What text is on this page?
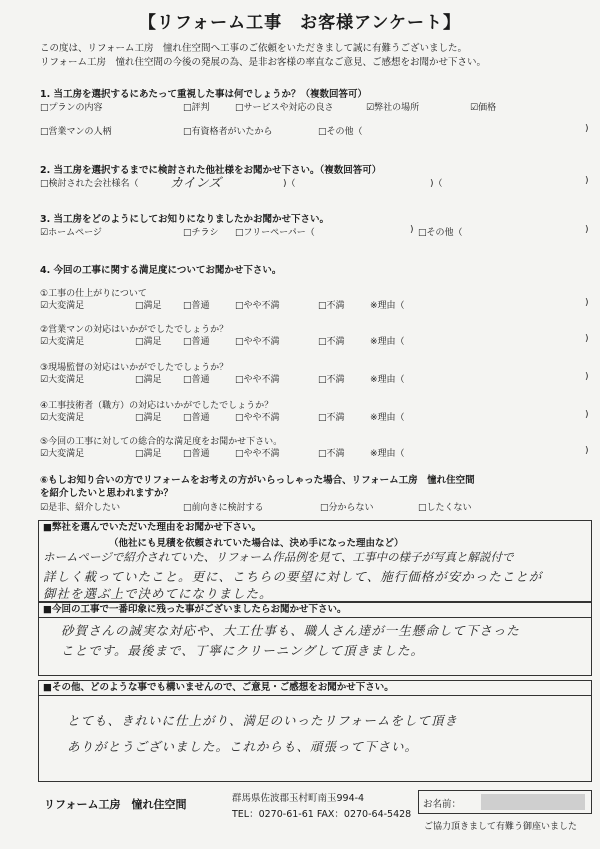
【リフォーム工事　お客様アンケート】
この度は、リフォーム工房　憧れ住空間へ工事のご依頼をいただきまして誠に有難うございました。
リフォーム工房　憧れ住空間の今後の発展の為、是非お客様の率直なご意見、ご感想をお聞かせ下さい。
1. 当工房を選択するにあたって重視した事は何でしょうか？（複数回答可）
□プランの内容	□評判	□サービスや対応の良さ	☑弊社の場所	☑価格
□営業マンの人柄	□有資格者がいたから	□その他（	)
2. 当工房を選択するまでに検討された他社様をお聞かせ下さい。（複数回答可）
□検討された会社様名（ カインズ	)（	)（	)
3. 当工房をどのようにしてお知りになりましたかお聞かせ下さい。
☑ホームページ	□チラシ □フリーペーパー（	) □その他（	)
4. 今回の工事に関する満足度についてお聞かせ下さい。
①工事の仕上がりについて
☑大変満足	□満足 □普通	□やや不満	□不満	※理由（	)
②営業マンの対応はいかがでしたでしょうか？
☑大変満足	□満足 □普通	□やや不満	□不満	※理由（	)
③現場監督の対応はいかがでしたでしょうか？
☑大変満足	□満足 □普通	□やや不満	□不満	※理由（	)
④工事技術者（職方）の対応はいかがでしたでしょうか？
☑大変満足	□満足 □普通	□やや不満	□不満	※理由（	)
⑤今回の工事に対しての総合的な満足度をお聞かせ下さい。
☑大変満足	□満足 □普通	□やや不満	□不満	※理由（	)
⑥もしお知り合いの方でリフォームをお考えの方がいらっしゃった場合、リフォーム工房　憧れ住空間
を紹介したいと思われますか？
☑是非、紹介したい	□前向きに検討する	□分からない	□したくない
■弊社を選んでいただいた理由をお聞かせ下さい。
（他社にも見積を依頼されていた場合は、決め手になった理由など）
ホームページで紹介されていた、リフォーム作品例を見て、工事中の様子が写真と解説付で
詳しく載っていたこと。更に、こちらの要望に対して、施行価格が安かったことが
御社を選ぶ上で決めてになりました。
■今回の工事で一番印象に残った事がございましたらお聞かせ下さい。
砂賀さんの誠実な対応や、大工仕事も、職人さん達が一生懸命して下さった
ことです。最後まで、丁寧にクリーニングして頂きました。
■その他、どのような事でも構いませんので、ご意見・ご感想をお聞かせ下さい。
とても、きれいに仕上がり、満足のいったリフォームをして頂き
ありがとうございました。これからも、頑張って下さい。
リフォーム工房　憧れ住空間	群馬県佐波郡玉村町南玉994-4
TEL：0270-61-61 FAX：0270-64-5428
お名前：
ご協力頂きまして有難う御座いました
